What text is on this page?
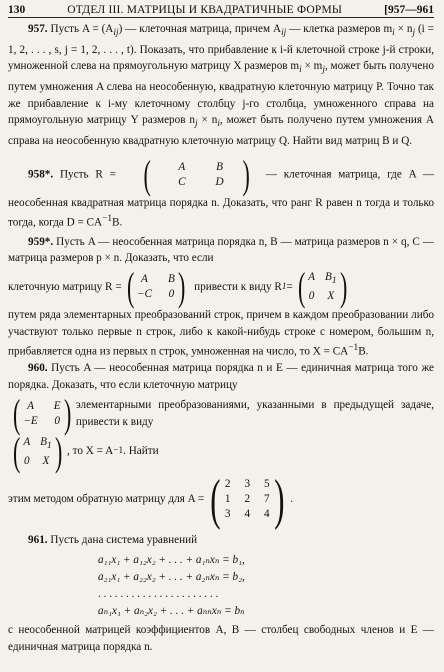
130	ОТДЕЛ III. МАТРИЦЫ И КВАДРАТИЧНЫЕ ФОРМЫ	[957—961

957. Пусть $A = (A_{ij})$ — клеточная матрица, причем $A_{ij}$ — клетка размеров $m_i \times n_j$ (i = 1, 2, . . . , s, j = 1, 2, . . . , t). Показать, что прибавление к i-й клеточной строке j-й строки, умноженной слева на прямоугольную матрицу X размеров $m_i \times m_j$, может быть получено путем умножения A слева на неособенную, квадратную клеточную матрицу P. Точно так же прибавление к i-му клеточному столбцу j-го столбца, умноженного справа на прямоугольную матрицу Y размеров $n_j \times n_i$, может быть получено путем умножения A справа на неособенную квадратную клеточную матрицу Q. Найти вид матриц B и Q.

958*. Пусть R = (	A	B
C	D ) — клеточная матрица, где A — неособенная квадратная матрица порядка n. Доказать, что ранг R равен n тогда и только тогда, когда $D = CA^{-1}B$.

959*. Пусть A — неособенная матрица порядка n, B — матрица размеров n × q, C — матрица размеров p × n. Доказать, что если

клеточную матрицу R = ( A	B
−C 0 ) привести к виду R 1 = ( A $B_1$
0 X )

путем ряда элементарных преобразований строк, причем в каждом преобразовании либо участвуют только первые n строк, либо к какой-нибудь строке с номером, большим n, прибавляется одна из первых n строк, умноженная на число, то $X = CA^{-1}B$.

960. Пусть A — неособенная матрица порядка n и E — единичная матрица того же порядка. Доказать, что если клеточную матрицу

( A	E
−E 0 ) элементарными преобразованиями, указанными в предыдущей задаче, привести к виду
( A $B_1$
0 X ) , то X = A −1 . Найти
этим методом обратную матрицу для A = ( 2 3 5
1 2 7
3 4 4 ) .

961. Пусть дана система уравнений

a₁₁x₁ + a₁₂x₂ + . . . + a₁ₙxₙ = b₁,
a₂₁x₁ + a₂₂x₂ + . . . + a₂ₙxₙ = b₂,
. . . . . . . . . . . . . . . . . . . . . .
aₙ₁x₁ + aₙ₂x₂ + . . . + aₙₙxₙ = bₙ

с неособенной матрицей коэффициентов A, B — столбец свободных членов и E — единичная матрица порядка n.
